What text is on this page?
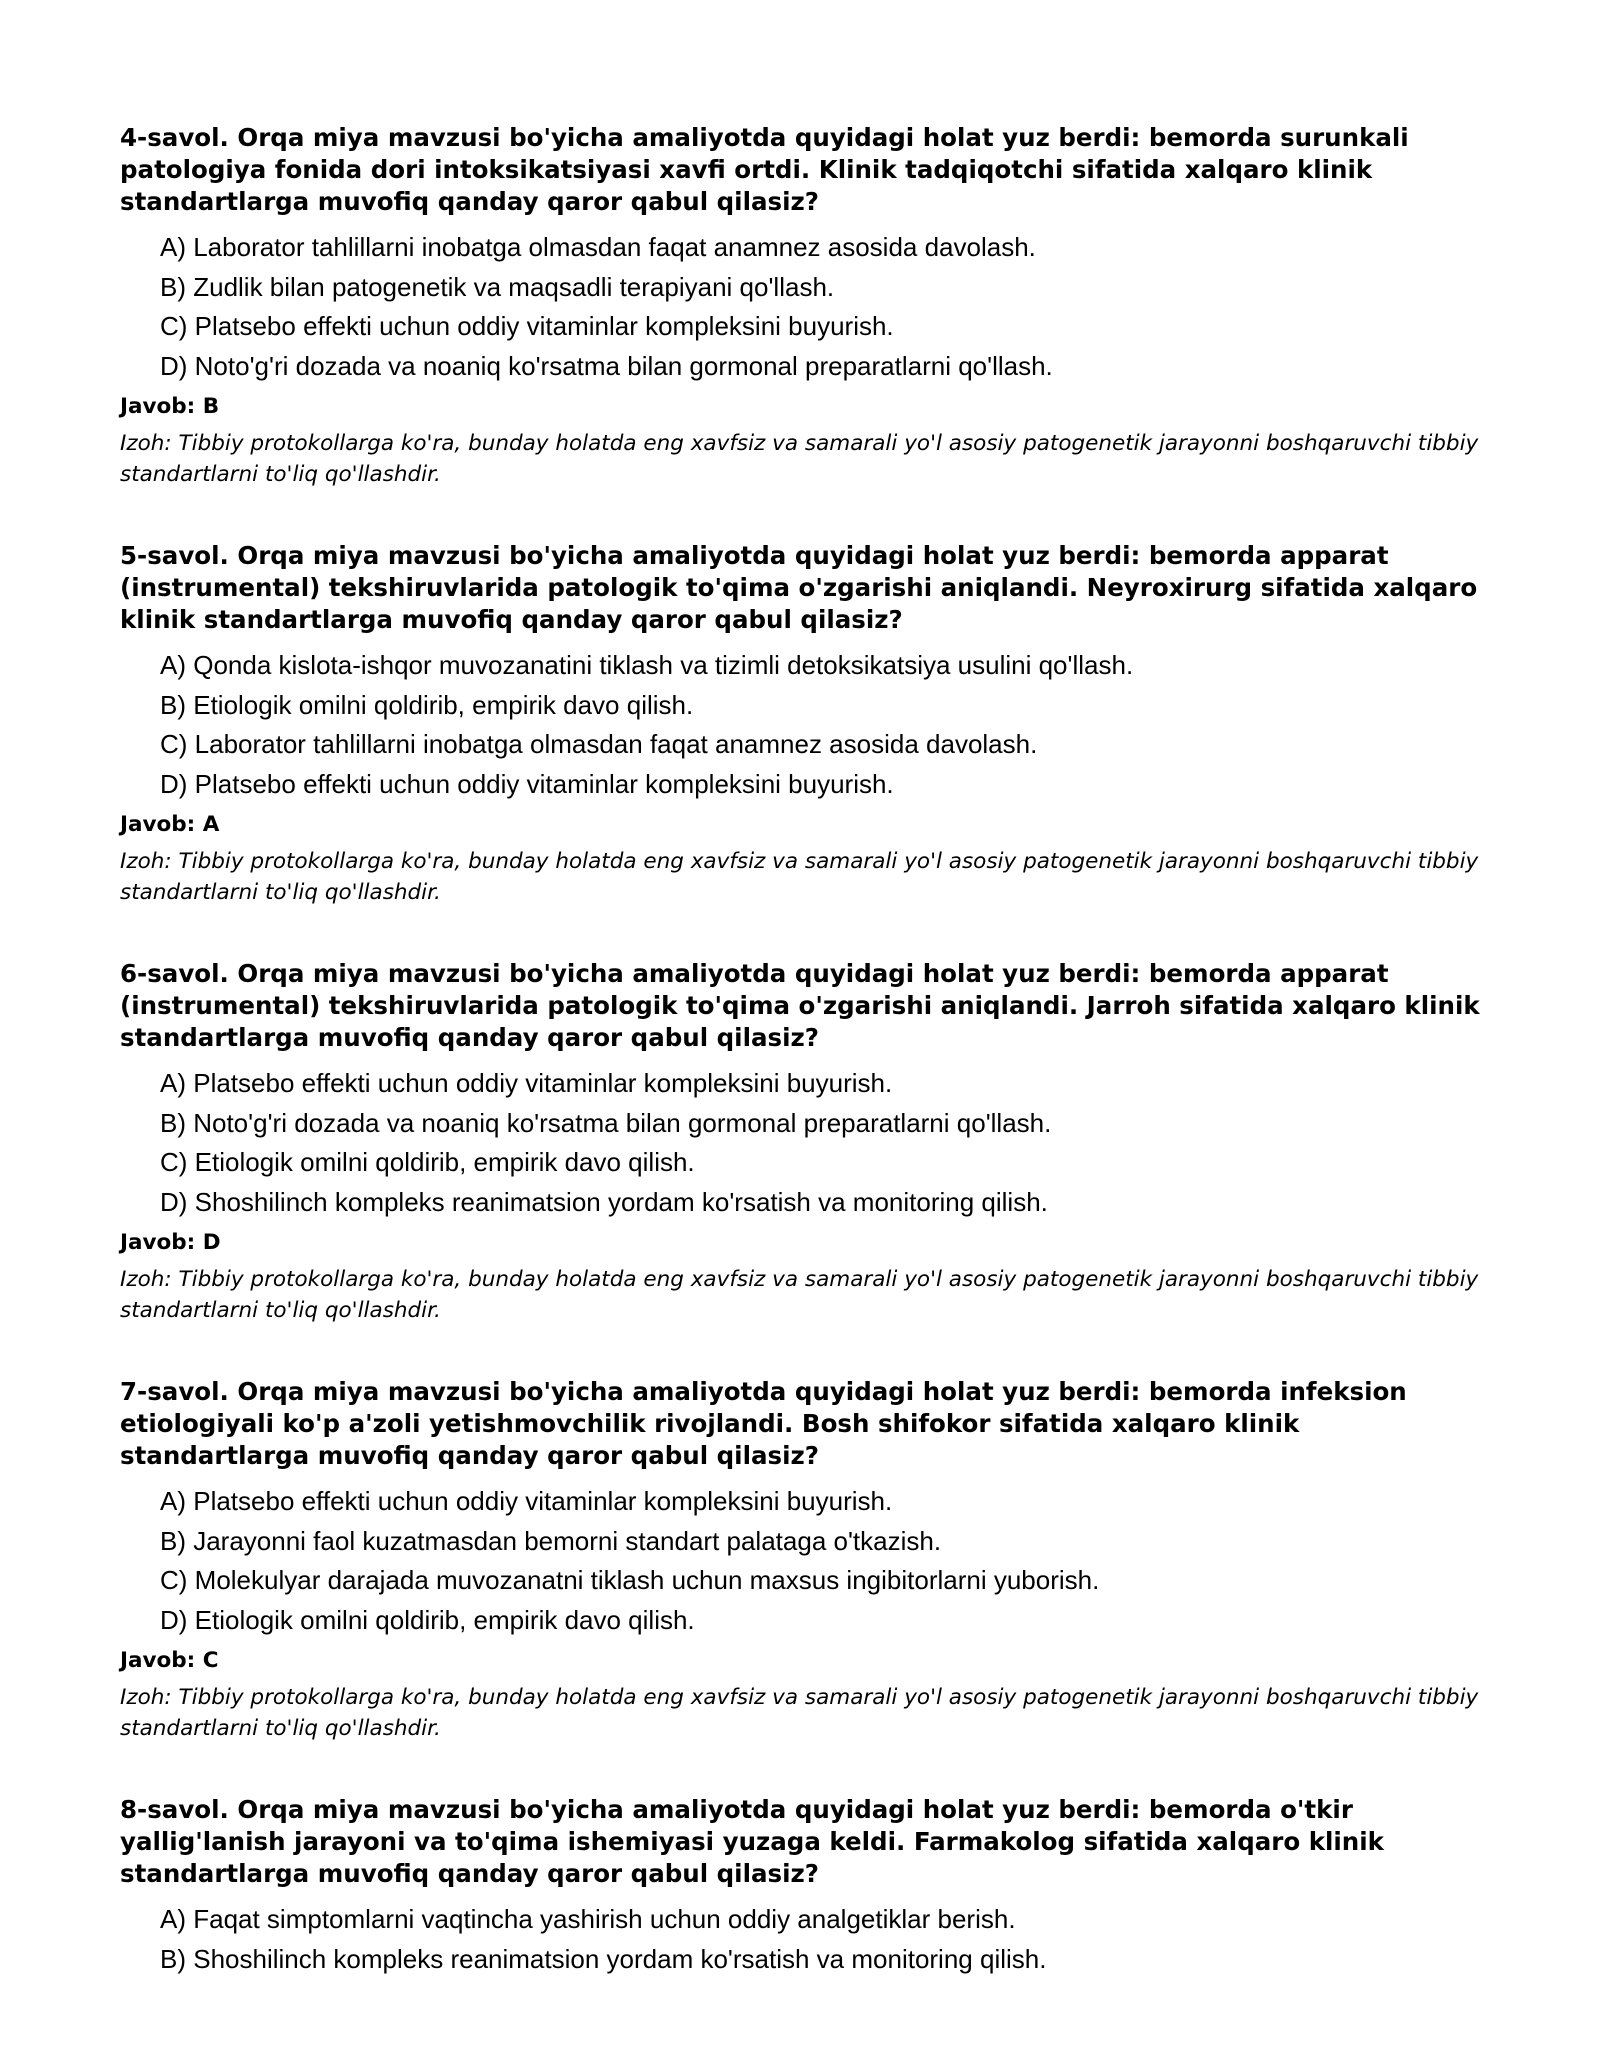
4-savol. Orqa miya mavzusi bo'yicha amaliyotda quyidagi holat yuz berdi: bemorda surunkali patologiya fonida dori intoksikatsiyasi xavfi ortdi. Klinik tadqiqotchi sifatida xalqaro klinik standartlarga muvofiq qanday qaror qabul qilasiz?
A) Laborator tahlillarni inobatga olmasdan faqat anamnez asosida davolash.
B) Zudlik bilan patogenetik va maqsadli terapiyani qo'llash.
C) Platsebo effekti uchun oddiy vitaminlar kompleksini buyurish.
D) Noto'g'ri dozada va noaniq ko'rsatma bilan gormonal preparatlarni qo'llash.
Javob: B
Izoh: Tibbiy protokollarga ko'ra, bunday holatda eng xavfsiz va samarali yo'l asosiy patogenetik jarayonni boshqaruvchi tibbiy standartlarni to'liq qo'llashdir.
5-savol. Orqa miya mavzusi bo'yicha amaliyotda quyidagi holat yuz berdi: bemorda apparat (instrumental) tekshiruvlarida patologik to'qima o'zgarishi aniqlandi. Neyroxirurg sifatida xalqaro klinik standartlarga muvofiq qanday qaror qabul qilasiz?
A) Qonda kislota-ishqor muvozanatini tiklash va tizimli detoksikatsiya usulini qo'llash.
B) Etiologik omilni qoldirib, empirik davo qilish.
C) Laborator tahlillarni inobatga olmasdan faqat anamnez asosida davolash.
D) Platsebo effekti uchun oddiy vitaminlar kompleksini buyurish.
Javob: A
Izoh: Tibbiy protokollarga ko'ra, bunday holatda eng xavfsiz va samarali yo'l asosiy patogenetik jarayonni boshqaruvchi tibbiy standartlarni to'liq qo'llashdir.
6-savol. Orqa miya mavzusi bo'yicha amaliyotda quyidagi holat yuz berdi: bemorda apparat (instrumental) tekshiruvlarida patologik to'qima o'zgarishi aniqlandi. Jarroh sifatida xalqaro klinik standartlarga muvofiq qanday qaror qabul qilasiz?
A) Platsebo effekti uchun oddiy vitaminlar kompleksini buyurish.
B) Noto'g'ri dozada va noaniq ko'rsatma bilan gormonal preparatlarni qo'llash.
C) Etiologik omilni qoldirib, empirik davo qilish.
D) Shoshilinch kompleks reanimatsion yordam ko'rsatish va monitoring qilish.
Javob: D
Izoh: Tibbiy protokollarga ko'ra, bunday holatda eng xavfsiz va samarali yo'l asosiy patogenetik jarayonni boshqaruvchi tibbiy standartlarni to'liq qo'llashdir.
7-savol. Orqa miya mavzusi bo'yicha amaliyotda quyidagi holat yuz berdi: bemorda infeksion etiologiyali ko'p a'zoli yetishmovchilik rivojlandi. Bosh shifokor sifatida xalqaro klinik standartlarga muvofiq qanday qaror qabul qilasiz?
A) Platsebo effekti uchun oddiy vitaminlar kompleksini buyurish.
B) Jarayonni faol kuzatmasdan bemorni standart palataga o'tkazish.
C) Molekulyar darajada muvozanatni tiklash uchun maxsus ingibitorlarni yuborish.
D) Etiologik omilni qoldirib, empirik davo qilish.
Javob: C
Izoh: Tibbiy protokollarga ko'ra, bunday holatda eng xavfsiz va samarali yo'l asosiy patogenetik jarayonni boshqaruvchi tibbiy standartlarni to'liq qo'llashdir.
8-savol. Orqa miya mavzusi bo'yicha amaliyotda quyidagi holat yuz berdi: bemorda o'tkir yallig'lanish jarayoni va to'qima ishemiyasi yuzaga keldi. Farmakolog sifatida xalqaro klinik standartlarga muvofiq qanday qaror qabul qilasiz?
A) Faqat simptomlarni vaqtincha yashirish uchun oddiy analgetiklar berish.
B) Shoshilinch kompleks reanimatsion yordam ko'rsatish va monitoring qilish.
